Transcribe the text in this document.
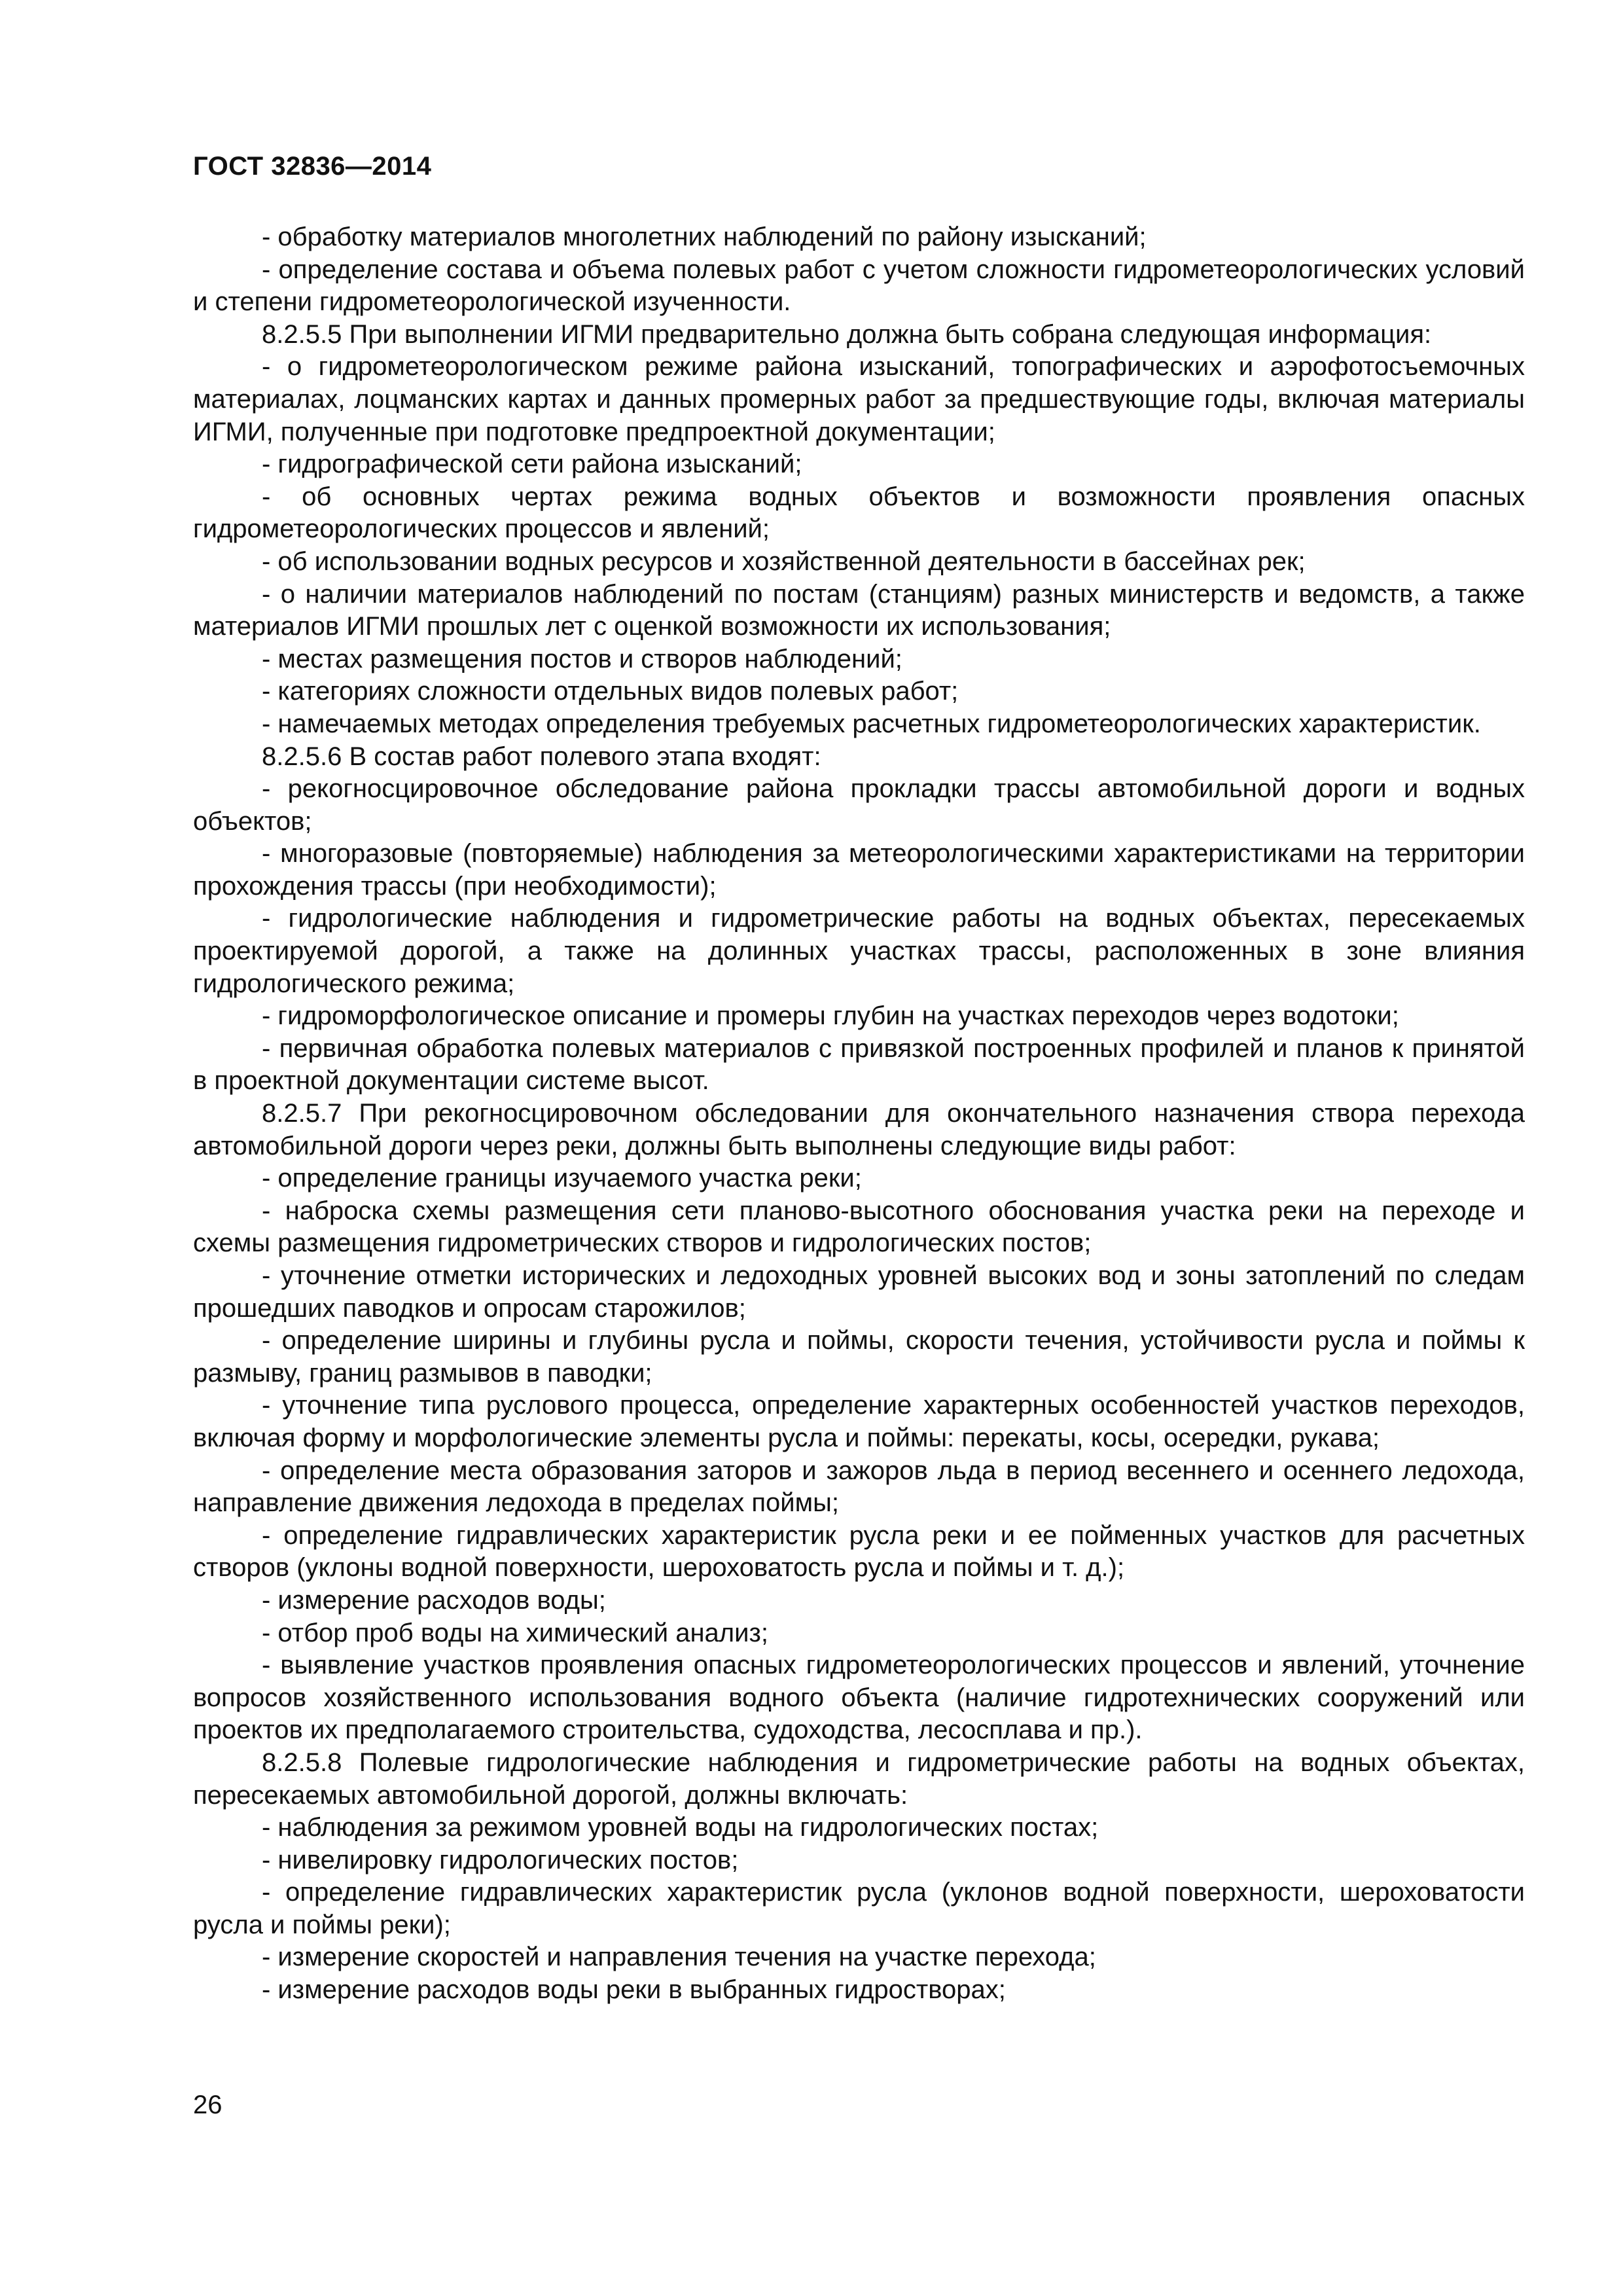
ГОСТ 32836—2014

- обработку материалов многолетних наблюдений по району изысканий;

- определение состава и объема полевых работ с учетом сложности гидрометеорологических условий и степени гидрометеорологической изученности.

8.2.5.5 При выполнении ИГМИ предварительно должна быть собрана следующая информация:

- о гидрометеорологическом режиме района изысканий, топографических и аэрофотосъемочных материалах, лоцманских картах и данных промерных работ за предшествующие годы, включая материалы ИГМИ, полученные при подготовке предпроектной документации;

- гидрографической сети района изысканий;

- об основных чертах режима водных объектов и возможности проявления опасных гидрометеорологических процессов и явлений;

- об использовании водных ресурсов и хозяйственной деятельности в бассейнах рек;

- о наличии материалов наблюдений по постам (станциям) разных министерств и ведомств, а также материалов ИГМИ прошлых лет с оценкой возможности их использования;

- местах размещения постов и створов наблюдений;

- категориях сложности отдельных видов полевых работ;

- намечаемых методах определения требуемых расчетных гидрометеорологических характеристик.

8.2.5.6 В состав работ полевого этапа входят:

- рекогносцировочное обследование района прокладки трассы автомобильной дороги и водных объектов;

- многоразовые (повторяемые) наблюдения за метеорологическими характеристиками на территории прохождения трассы (при необходимости);

- гидрологические наблюдения и гидрометрические работы на водных объектах, пересекаемых проектируемой дорогой, а также на долинных участках трассы, расположенных в зоне влияния гидрологического режима;

- гидроморфологическое описание и промеры глубин на участках переходов через водотоки;

- первичная обработка полевых материалов с привязкой построенных профилей и планов к принятой в проектной документации системе высот.

8.2.5.7 При рекогносцировочном обследовании для окончательного назначения створа перехода автомобильной дороги через реки, должны быть выполнены следующие виды работ:

- определение границы изучаемого участка реки;

- наброска схемы размещения сети планово-высотного обоснования участка реки на переходе и схемы размещения гидрометрических створов и гидрологических постов;

- уточнение отметки исторических и ледоходных уровней высоких вод и зоны затоплений по следам прошедших паводков и опросам старожилов;

- определение ширины и глубины русла и поймы, скорости течения, устойчивости русла и поймы к размыву, границ размывов в паводки;

- уточнение типа руслового процесса, определение характерных особенностей участков переходов, включая форму и морфологические элементы русла и поймы: перекаты, косы, осередки, рукава;

- определение места образования заторов и зажоров льда в период весеннего и осеннего ледохода, направление движения ледохода в пределах поймы;

- определение гидравлических характеристик русла реки и ее пойменных участков для расчетных створов (уклоны водной поверхности, шероховатость русла и поймы и т. д.);

- измерение расходов воды;

- отбор проб воды на химический анализ;

- выявление участков проявления опасных гидрометеорологических процессов и явлений, уточнение вопросов хозяйственного использования водного объекта (наличие гидротехнических сооружений или проектов их предполагаемого строительства, судоходства, лесосплава и пр.).

8.2.5.8 Полевые гидрологические наблюдения и гидрометрические работы на водных объектах, пересекаемых автомобильной дорогой, должны включать:

- наблюдения за режимом уровней воды на гидрологических постах;

- нивелировку гидрологических постов;

- определение гидравлических характеристик русла (уклонов водной поверхности, шероховатости русла и поймы реки);

- измерение скоростей и направления течения на участке перехода;

- измерение расходов воды реки в выбранных гидростворах;

26
